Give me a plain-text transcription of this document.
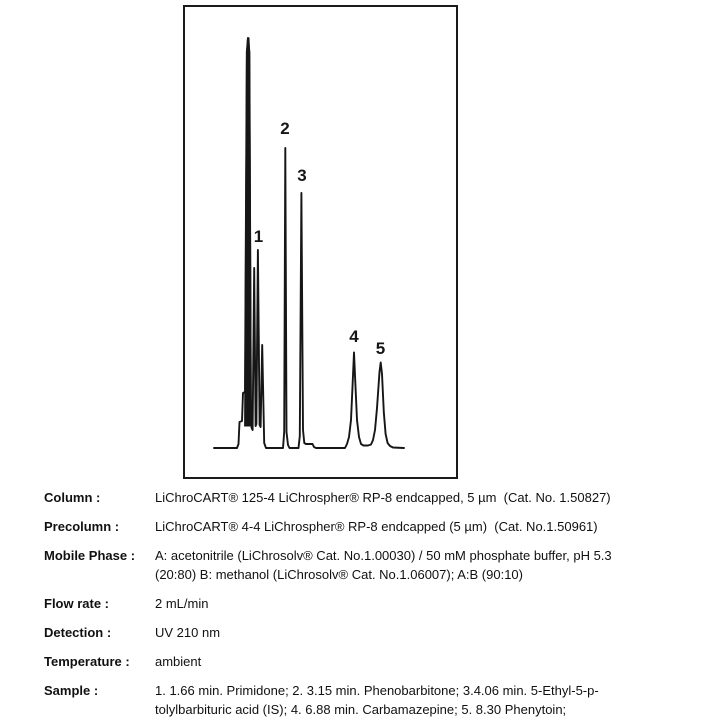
1
2
3
4
5
Column :	LiChroCART® 125-4 LiChrospher® RP-8 endcapped, 5 µm  (Cat. No. 1.50827)
Precolumn :	LiChroCART® 4-4 LiChrospher® RP-8 endcapped (5 µm)  (Cat. No.1.50961)
Mobile Phase :	A: acetonitrile (LiChrosolv® Cat. No.1.00030) / 50 mM phosphate buffer, pH 5.3
(20:80) B: methanol (LiChrosolv® Cat. No.1.06007); A:B (90:10)
Flow rate :	2 mL/min
Detection :	UV 210 nm
Temperature :	ambient
Sample :	1. 1.66 min. Primidone; 2. 3.15 min. Phenobarbitone; 3.4.06 min. 5-Ethyl-5-p-
tolylbarbituric acid (IS); 4. 6.88 min. Carbamazepine; 5. 8.30 Phenytoin;
